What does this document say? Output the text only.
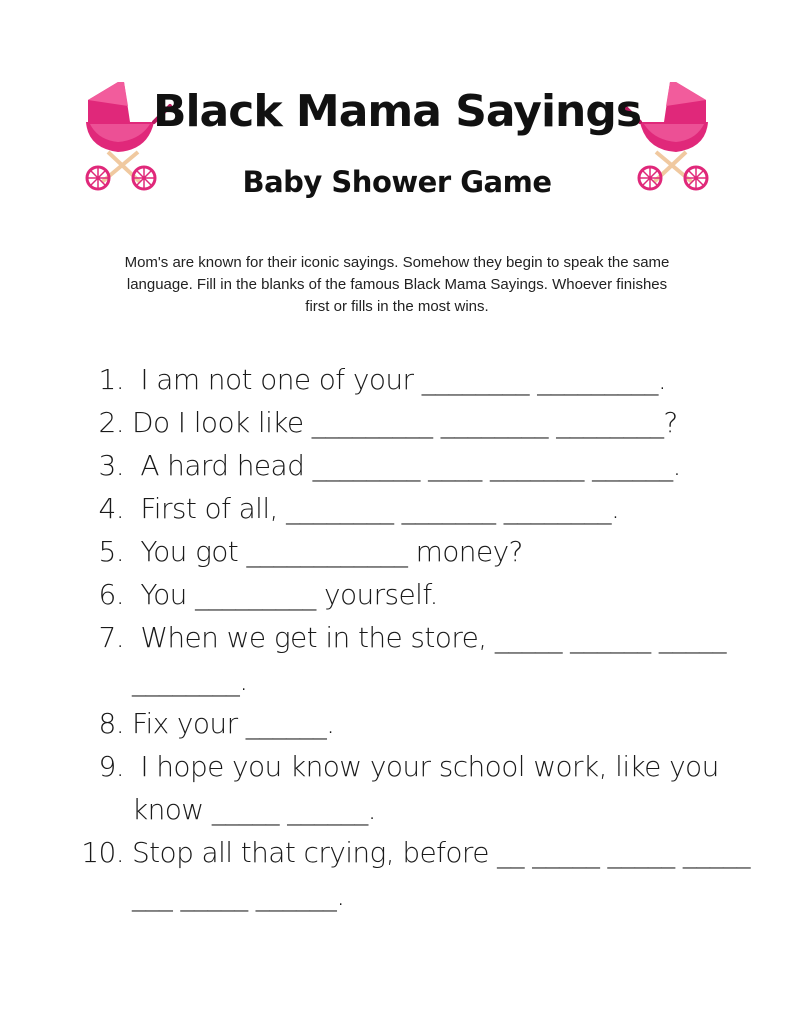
Black Mama Sayings
Baby Shower Game

Mom's are known for their iconic sayings. Somehow they begin to speak the same language. Fill in the blanks of the famous Black Mama Sayings. Whoever finishes first or fills in the most wins.

1. I am not one of your ________ _________.
2. Do I look like _________ ________ ________?
3. A hard head ________ ____ _______ ______.
4. First of all, ________ _______ ________.
5. You got ____________ money?
6. You _________ yourself.
7. When we get in the store, _____ ______ _____ ________.
8. Fix your ______.
9. I hope you know your school work, like you know _____ ______.
10. Stop all that crying, before __ _____ _____ _____ ___ _____ ______.
